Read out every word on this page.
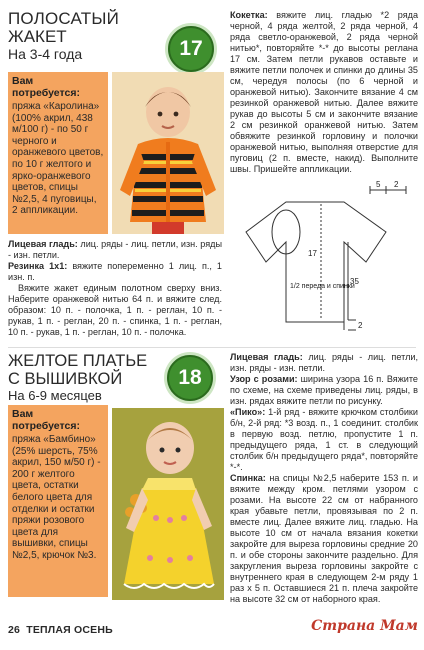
ПОЛОСАТЫЙ
ЖАКЕТ
На 3-4 года	17
Вам потребуется:
пряжа «Каролина» (100% акрил, 438 м/100 г) - по 50 г черного и оранжевого цветов, по 10 г желтого и ярко-оранжевого цветов, спицы №2,5, 4 пуговицы, 2 аппликации.

Лицевая гладь: лиц. ряды - лиц. петли, изн. ряды - изн. петли.

Резинка 1х1: вяжите попеременно 1 лиц. п., 1 изн. п.

Вяжите жакет единым полотном сверху вниз. Наберите оранжевой нитью 64 п. и вяжите след. образом: 10 п. - полочка, 1 п. - реглан, 10 п. - рукав, 1 п. - реглан, 20 п. - спинка, 1 п. - реглан, 10 п. - рукав, 1 п. - реглан, 10 п. - полочка.

Кокетка: вяжите лиц. гладью *2 ряда черной, 4 ряда желтой, 2 ряда черной, 4 ряда светло-оранжевой, 2 ряда черной нитью*, повторяйте *-* до высоты реглана 17 см. Затем петли рукавов оставьте и вяжите петли полочек и спинки до длины 35 см, чередуя полосы (по 6 черной и оранжевой нитью). Закончите вязание 4 см резинкой оранжевой нитью. Далее вяжите рукав до высоты 5 см и закончите вязание 2 см резинкой оранжевой нитью. Затем обвяжите резинкой горловину и полочки оранжевой нитью, выполняя отверстие для пуговиц (2 п. вместе, накид). Выполните швы. Пришейте аппликации.

5 2
17
1/2 переда и спинки
35
2
ЖЕЛТОЕ ПЛАТЬЕ
С ВЫШИВКОЙ
На 6-9 месяцев
18
Вам потребуется:
пряжа «Бамбино» (25% шерсть, 75% акрил, 150 м/50 г) - 200 г желтого цвета, остатки белого цвета для отделки и остатки пряжи розового цвета для вышивки, спицы №2,5, крючок №3.

Лицевая гладь: лиц. ряды - лиц. петли, изн. ряды - изн. петли.

Узор с розами: ширина узора 16 п. Вяжите по схеме, на схеме приведены лиц. ряды, в изн. рядах вяжите петли по рисунку.

«Пико»: 1-й ряд - вяжите крючком столбики б/н, 2-й ряд: *3 возд. п., 1 соединит. столбик в первую возд. петлю, пропустите 1 п. предыдущего ряда, 1 ст. в следующий столбик б/н предыдущего ряда*, повторяйте *-*.

Спинка: на спицы №2,5 наберите 153 п. и вяжите между кром. петлями узором с розами. На высоте 22 см от набранного края убавьте петли, провязывая по 2 п. вместе лиц. Далее вяжите лиц. гладью. На высоте 10 см от начала вязания кокетки закройте для выреза горловины средние 20 п. и обе стороны закончите раздельно. Для закругления выреза горловины закройте с внутреннего края в следующем 2-м ряду 1 раз х 5 п. Оставшиеся 21 п. плеча закройте на высоте 32 см от наборного края.

26 ТЕПЛАЯ ОСЕНЬ	Страна Мам
